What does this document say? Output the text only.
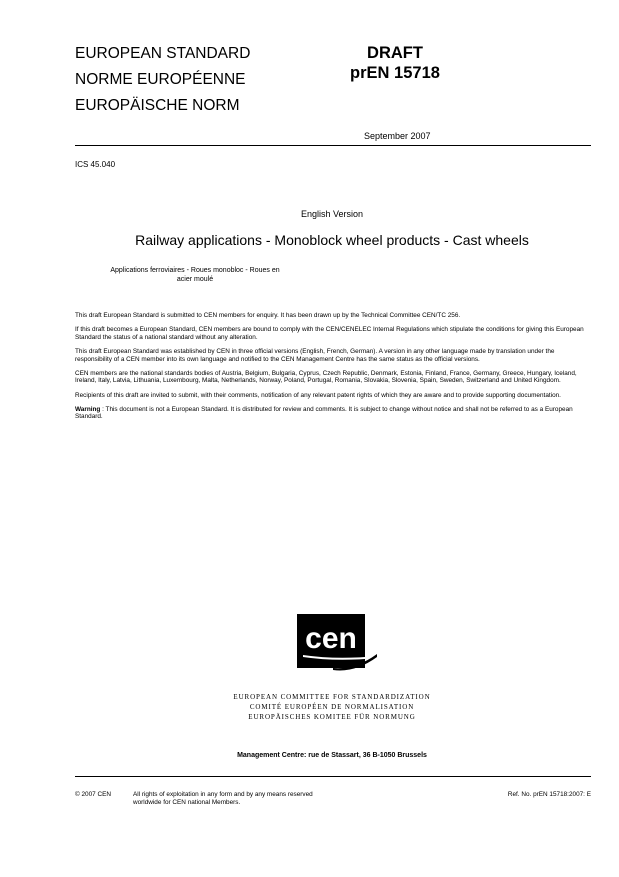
EUROPEAN STANDARD
NORME EUROPÉENNE
EUROPÄISCHE NORM
DRAFT
prEN 15718
September 2007
ICS 45.040
English Version
Railway applications - Monoblock wheel products - Cast wheels
Applications ferroviaires - Roues monobloc - Roues en
acier moulé

This draft European Standard is submitted to CEN members for enquiry. It has been drawn up by the Technical Committee CEN/TC 256.

If this draft becomes a European Standard, CEN members are bound to comply with the CEN/CENELEC Internal Regulations which stipulate the conditions for giving this European Standard the status of a national standard without any alteration.

This draft European Standard was established by CEN in three official versions (English, French, German). A version in any other language made by translation under the responsibility of a CEN member into its own language and notified to the CEN Management Centre has the same status as the official versions.

CEN members are the national standards bodies of Austria, Belgium, Bulgaria, Cyprus, Czech Republic, Denmark, Estonia, Finland, France, Germany, Greece, Hungary, Iceland, Ireland, Italy, Latvia, Lithuania, Luxembourg, Malta, Netherlands, Norway, Poland, Portugal, Romania, Slovakia, Slovenia, Spain, Sweden, Switzerland and United Kingdom.

Recipients of this draft are invited to submit, with their comments, notification of any relevant patent rights of which they are aware and to provide supporting documentation.

Warning : This document is not a European Standard. It is distributed for review and comments. It is subject to change without notice and shall not be referred to as a European Standard.

cen
EUROPEAN COMMITTEE FOR STANDARDIZATION
COMITÉ EUROPÉEN DE NORMALISATION
EUROPÄISCHES KOMITEE FÜR NORMUNG
Management Centre: rue de Stassart, 36 B-1050 Brussels
© 2007 CEN	All rights of exploitation in any form and by any means reserved
worldwide for CEN national Members.
Ref. No. prEN 15718:2007: E
